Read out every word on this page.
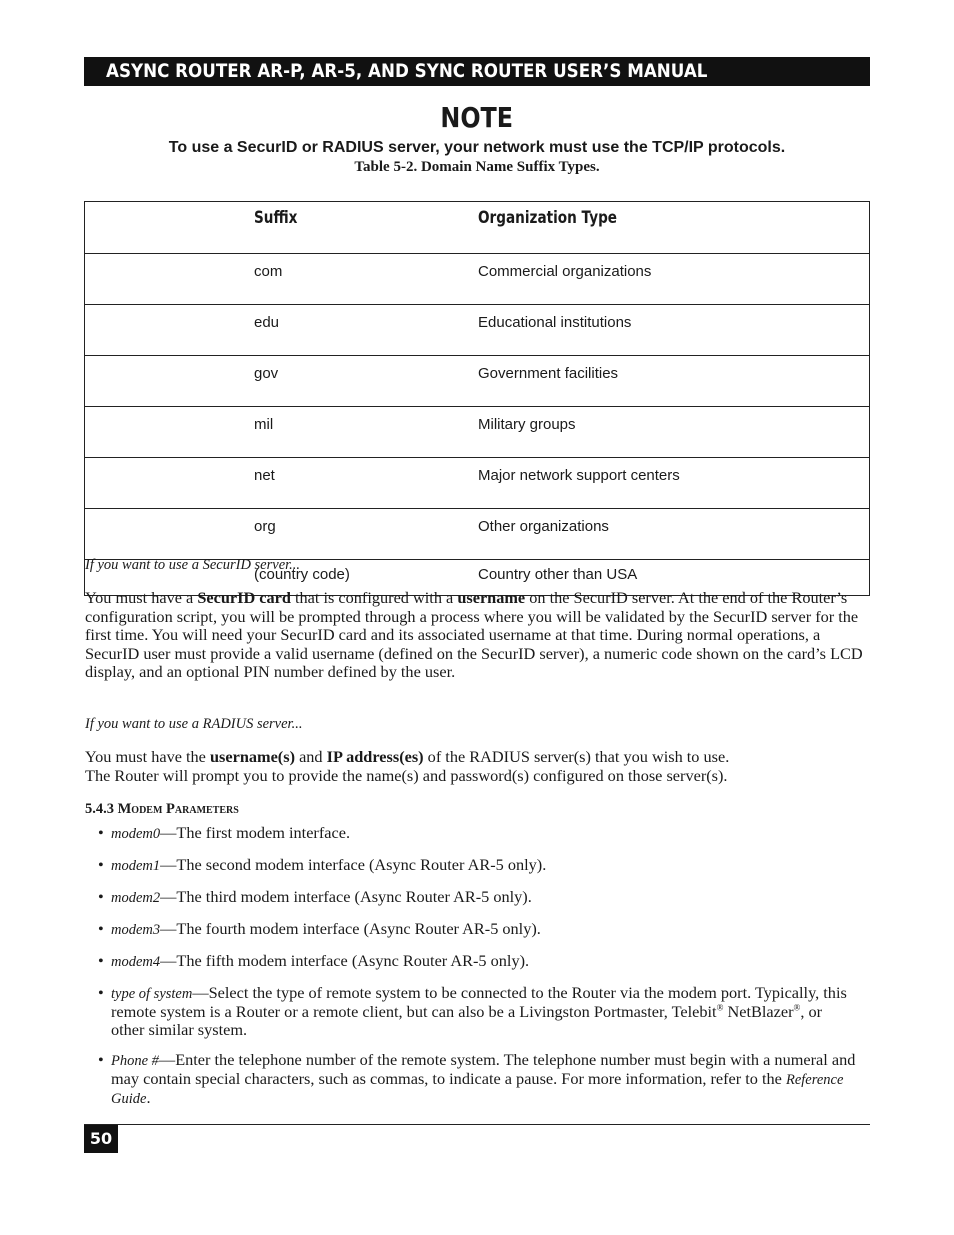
ASYNC ROUTER AR-P, AR-5, AND SYNC ROUTER USER’S MANUAL
NOTE
To use a SecurID or RADIUS server, your network must use the TCP/IP protocols.
Table 5-2. Domain Name Suffix Types.
Suffix	Organization Type
com	Commercial organizations
edu	Educational institutions
gov	Government facilities
mil	Military groups
net	Major network support centers
org	Other organizations
(country code)	Country other than USA
If you want to use a SecurID server...
You must have a SecurID card that is configured with a username on the SecurID server. At the end of the Router’s configuration script, you will be prompted through a process where you will be validated by the SecurID server for the first time. You will need your SecurID card and its associated username at that time. During normal operations, a SecurID user must provide a valid username (defined on the SecurID server), a numeric code shown on the card’s LCD display, and an optional PIN number defined by the user.
If you want to use a RADIUS server...
You must have the username(s) and IP address(es) of the RADIUS server(s) that you wish to use.
The Router will prompt you to provide the name(s) and password(s) configured on those server(s).
5.4.3 Modem Parameters
• modem0—The first modem interface.
• modem1—The second modem interface (Async Router AR-5 only).
• modem2—The third modem interface (Async Router AR-5 only).
• modem3—The fourth modem interface (Async Router AR-5 only).
• modem4—The fifth modem interface (Async Router AR-5 only).
• type of system—Select the type of remote system to be connected to the Router via the modem port. Typically, this remote system is a Router or a remote client, but can also be a Livingston Portmaster, Telebit® NetBlazer®, or other similar system.
• Phone #—Enter the telephone number of the remote system. The telephone number must begin with a numeral and may contain special characters, such as commas, to indicate a pause. For more information, refer to the Reference Guide.
50
